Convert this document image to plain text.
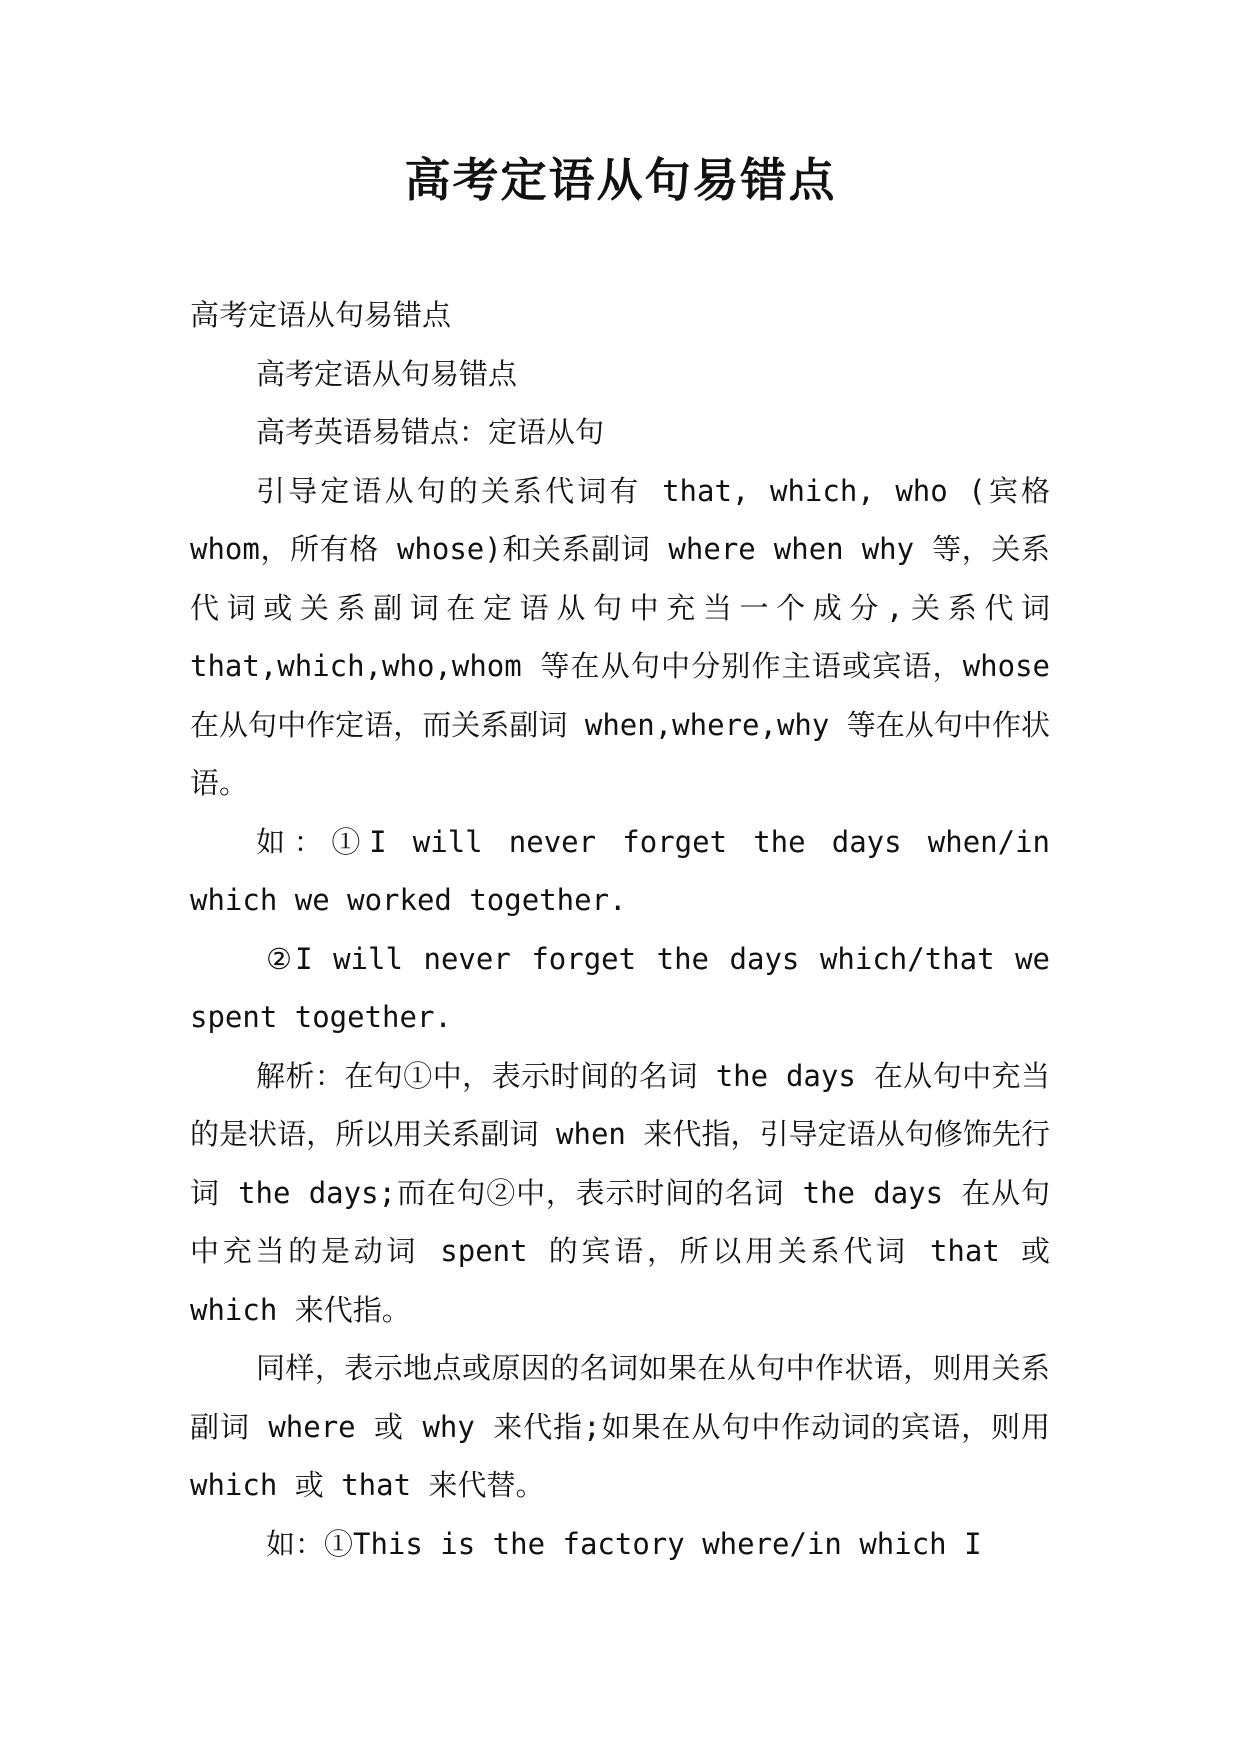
高考定语从句易错点

高考定语从句易错点

高考定语从句易错点

高考英语易错点：定语从句

引导定语从句的关系代词有 that, which, who (宾格 whom，所有格 whose)和关系副词 where when why 等，关系代词或关系副词在定语从句中充当一个成分,关系代词that,which,who,whom 等在从句中分别作主语或宾语，whose 在从句中作定语，而关系副词 when,where,why 等在从句中作状语。

如：①I will never forget the days when/in which we worked together.

②I will never forget the days which/that we spent together.

解析：在句①中，表示时间的名词 the days 在从句中充当的是状语，所以用关系副词 when 来代指，引导定语从句修饰先行词 the days;而在句②中，表示时间的名词 the days 在从句中充当的是动词 spent 的宾语，所以用关系代词 that 或 which 来代指。

同样，表示地点或原因的名词如果在从句中作状语，则用关系副词 where 或 why 来代指;如果在从句中作动词的宾语，则用 which 或 that 来代替。

如：①This is the factory where/in which I
